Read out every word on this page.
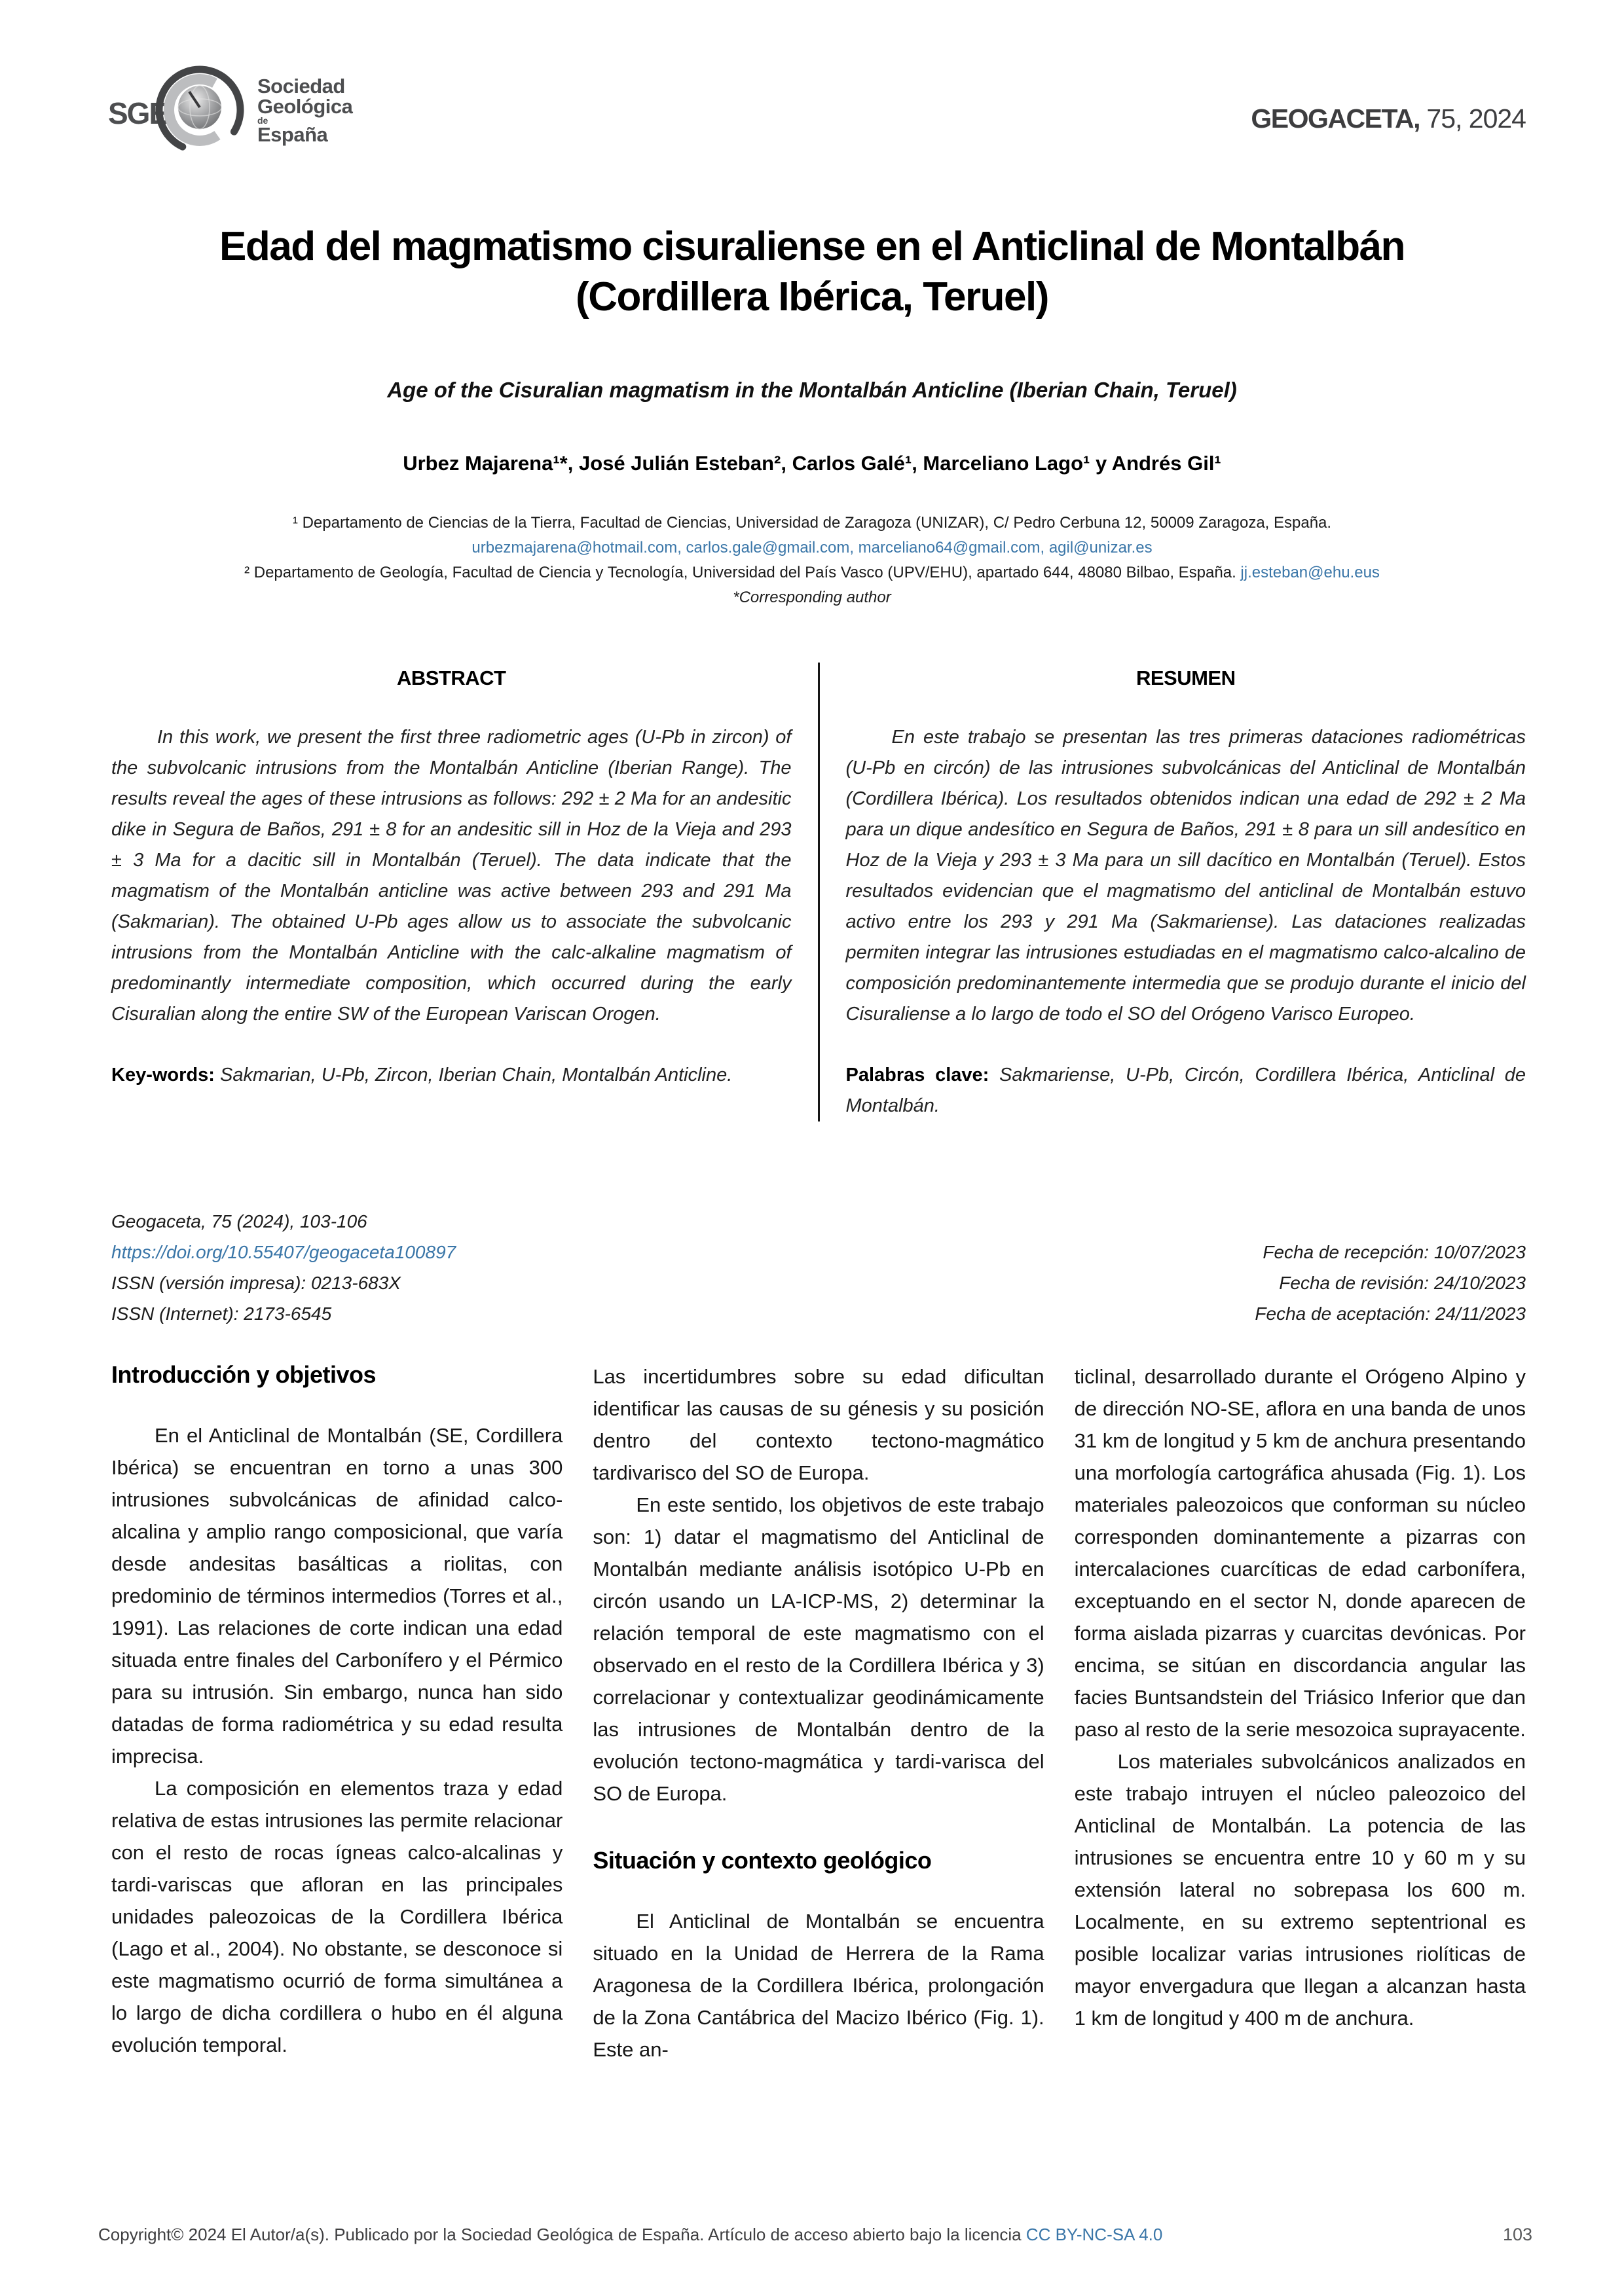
SGE
Sociedad
Geológica
de
España
GEOGACETA, 75, 2024
Edad del magmatismo cisuraliense en el Anticlinal de Montalbán
(Cordillera Ibérica, Teruel)
Age of the Cisuralian magmatism in the Montalbán Anticline (Iberian Chain, Teruel)
Urbez Majarena¹*, José Julián Esteban², Carlos Galé¹, Marceliano Lago¹ y Andrés Gil¹
¹ Departamento de Ciencias de la Tierra, Facultad de Ciencias, Universidad de Zaragoza (UNIZAR), C/ Pedro Cerbuna 12, 50009 Zaragoza, España.
urbezmajarena@hotmail.com, carlos.gale@gmail.com, marceliano64@gmail.com, agil@unizar.es
² Departamento de Geología, Facultad de Ciencia y Tecnología, Universidad del País Vasco (UPV/EHU), apartado 644, 48080 Bilbao, España. jj.esteban@ehu.eus
*Corresponding author
ABSTRACT

In this work, we present the first three radiometric ages (U-Pb in zircon) of the subvolcanic intrusions from the Montalbán Anticline (Iberian Range). The results reveal the ages of these intrusions as follows: 292 ± 2 Ma for an andesitic dike in Segura de Baños, 291 ± 8 for an andesitic sill in Hoz de la Vieja and 293 ± 3 Ma for a dacitic sill in Montalbán (Teruel). The data indicate that the magmatism of the Montalbán anticline was active between 293 and 291 Ma (Sakmarian). The obtained U-Pb ages allow us to associate the subvolcanic intrusions from the Montalbán Anticline with the calc-alkaline magmatism of predominantly intermediate composition, which occurred during the early Cisuralian along the entire SW of the European Variscan Orogen.

Key-words: Sakmarian, U-Pb, Zircon, Iberian Chain, Montalbán Anticline.

RESUMEN

En este trabajo se presentan las tres primeras dataciones radiométricas (U-Pb en circón) de las intrusiones subvolcánicas del Anticlinal de Montalbán (Cordillera Ibérica). Los resultados obtenidos indican una edad de 292 ± 2 Ma para un dique andesítico en Segura de Baños, 291 ± 8 para un sill andesítico en Hoz de la Vieja y 293 ± 3 Ma para un sill dacítico en Montalbán (Teruel). Estos resultados evidencian que el magmatismo del anticlinal de Montalbán estuvo activo entre los 293 y 291 Ma (Sakmariense). Las dataciones realizadas permiten integrar las intrusiones estudiadas en el magmatismo calco-alcalino de composición predominantemente intermedia que se produjo durante el inicio del Cisuraliense a lo largo de todo el SO del Orógeno Varisco Europeo.

Palabras clave: Sakmariense, U-Pb, Circón, Cordillera Ibérica, Anticlinal de Montalbán.

Geogaceta, 75 (2024), 103-106
https://doi.org/10.55407/geogaceta100897
ISSN (versión impresa): 0213-683X
ISSN (Internet): 2173-6545
Fecha de recepción: 10/07/2023
Fecha de revisión: 24/10/2023
Fecha de aceptación: 24/11/2023
Introducción y objetivos

En el Anticlinal de Montalbán (SE, Cordillera Ibérica) se encuentran en torno a unas 300 intrusiones subvolcánicas de afinidad calco-alcalina y amplio rango composicional, que varía desde andesitas basálticas a riolitas, con predominio de términos intermedios (Torres et al., 1991). Las relaciones de corte indican una edad situada entre finales del Carbonífero y el Pérmico para su intrusión. Sin embargo, nunca han sido datadas de forma radiométrica y su edad resulta imprecisa.

La composición en elementos traza y edad relativa de estas intrusiones las permite relacionar con el resto de rocas ígneas calco-alcalinas y tardi-variscas que afloran en las principales unidades paleozoicas de la Cordillera Ibérica (Lago et al., 2004). No obstante, se desconoce si este magmatismo ocurrió de forma simultánea a lo largo de dicha cordillera o hubo en él alguna evolución temporal.

Las incertidumbres sobre su edad dificultan identificar las causas de su génesis y su posición dentro del contexto tectono-magmático tardivarisco del SO de Europa.

En este sentido, los objetivos de este trabajo son: 1) datar el magmatismo del Anticlinal de Montalbán mediante análisis isotópico U-Pb en circón usando un LA-ICP-MS, 2) determinar la relación temporal de este magmatismo con el observado en el resto de la Cordillera Ibérica y 3) correlacionar y contextualizar geodinámicamente las intrusiones de Montalbán dentro de la evolución tectono-magmática y tardi-varisca del SO de Europa.

Situación y contexto geológico

El Anticlinal de Montalbán se encuentra situado en la Unidad de Herrera de la Rama Aragonesa de la Cordillera Ibérica, prolongación de la Zona Cantábrica del Macizo Ibérico (Fig. 1). Este an-

ticlinal, desarrollado durante el Orógeno Alpino y de dirección NO-SE, aflora en una banda de unos 31 km de longitud y 5 km de anchura presentando una morfología cartográfica ahusada (Fig. 1). Los materiales paleozoicos que conforman su núcleo corresponden dominantemente a pizarras con intercalaciones cuarcíticas de edad carbonífera, exceptuando en el sector N, donde aparecen de forma aislada pizarras y cuarcitas devónicas. Por encima, se sitúan en discordancia angular las facies Buntsandstein del Triásico Inferior que dan paso al resto de la serie mesozoica suprayacente.

Los materiales subvolcánicos analizados en este trabajo intruyen el núcleo paleozoico del Anticlinal de Montalbán. La potencia de las intrusiones se encuentra entre 10 y 60 m y su extensión lateral no sobrepasa los 600 m. Localmente, en su extremo septentrional es posible localizar varias intrusiones riolíticas de mayor envergadura que llegan a alcanzan hasta 1 km de longitud y 400 m de anchura.

Copyright© 2024 El Autor/a(s). Publicado por la Sociedad Geológica de España. Artículo de acceso abierto bajo la licencia CC BY-NC-SA 4.0	103
